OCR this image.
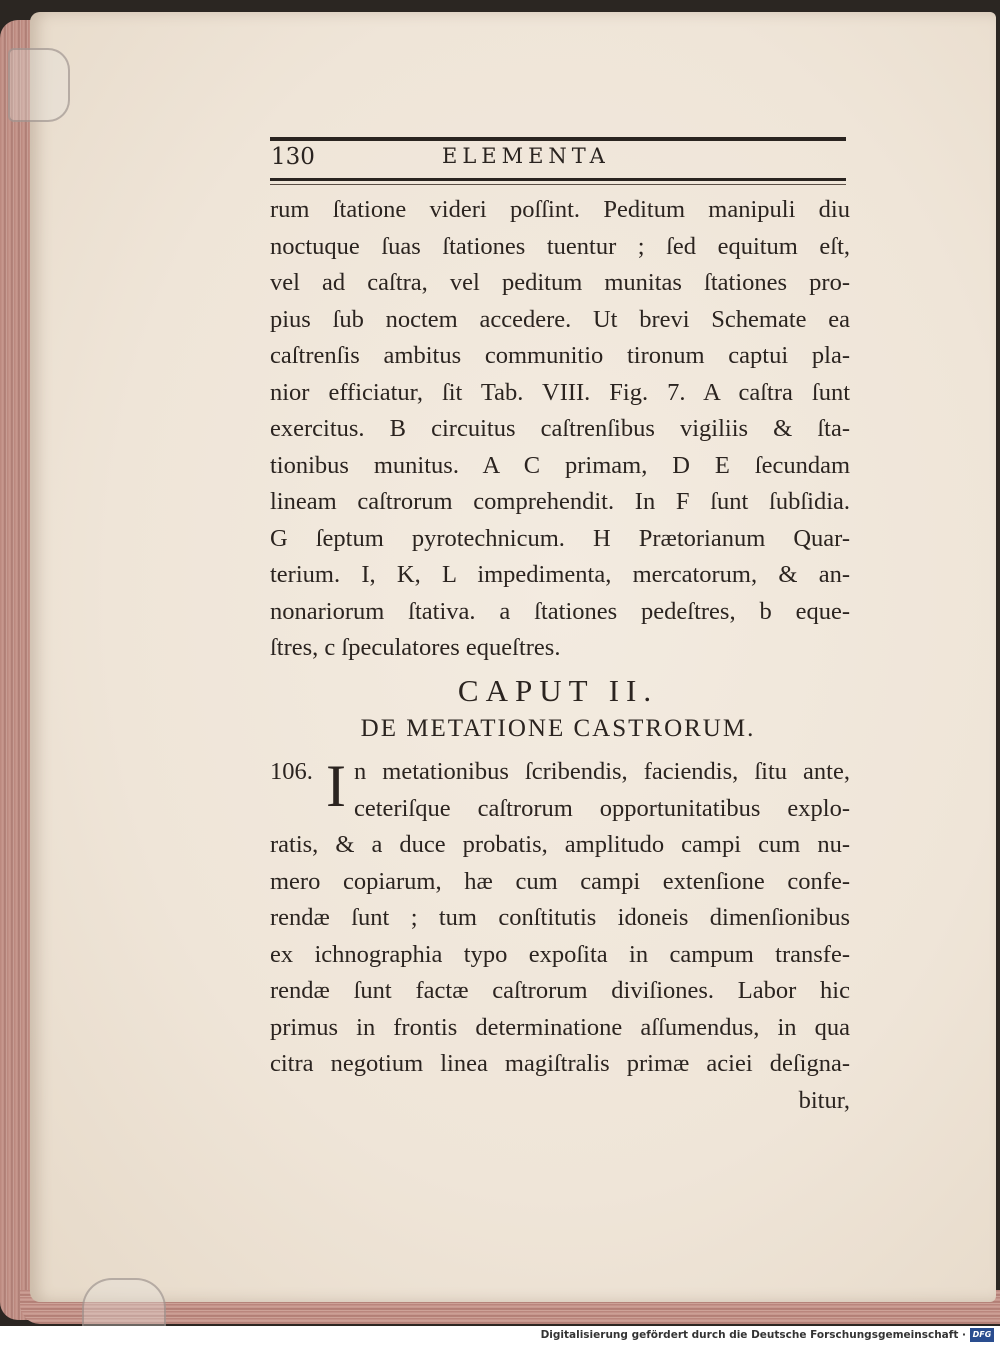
130	ELEMENTA
rum ſtatione videri poſſint. Peditum manipuli diu
noctuque ſuas ſtationes tuentur ; ſed equitum eſt,
vel ad caſtra, vel peditum munitas ſtationes pro-
pius ſub noctem accedere. Ut brevi Schemate ea
caſtrenſis ambitus communitio tironum captui pla-
nior efficiatur, ſit Tab. VIII. Fig. 7. A caſtra ſunt
exercitus. B circuitus caſtrenſibus vigiliis & ſta-
tionibus munitus. A C primam, D E ſecundam
lineam caſtrorum comprehendit. In F ſunt ſubſidia.
G ſeptum pyrotechnicum. H Prætorianum Quar-
terium. I, K, L impedimenta, mercatorum, & an-
nonariorum ſtativa. a ſtationes pedeſtres, b eque-
ſtres, c ſpeculatores equeſtres.
CAPUT II.
DE METATIONE CASTRORUM.
106. I n metationibus ſcribendis, faciendis, ſitu ante,
ceteriſque caſtrorum opportunitatibus explo-
ratis, & a duce probatis, amplitudo campi cum nu-
mero copiarum, hæ cum campi extenſione confe-
rendæ ſunt ; tum conſtitutis idoneis dimenſionibus
ex ichnographia typo expoſita in campum transfe-
rendæ ſunt factæ caſtrorum diviſiones. Labor hic
primus in frontis determinatione aſſumendus, in qua
citra negotium linea magiſtralis primæ aciei deſigna-
bitur,
Digitalisierung gefördert durch die Deutsche Forschungsgemeinschaft · DFG
